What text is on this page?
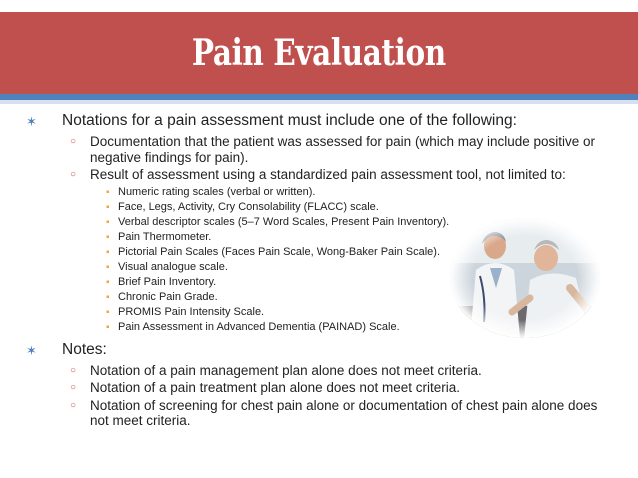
Pain Evaluation
✶ Notations for a pain assessment must include one of the following:
○ Documentation that the patient was assessed for pain (which may include positive or negative findings for pain).
○ Result of assessment using a standardized pain assessment tool, not limited to:
▪ Numeric rating scales (verbal or written).
▪ Face, Legs, Activity, Cry Consolability (FLACC) scale.
▪ Verbal descriptor scales (5–7 Word Scales, Present Pain Inventory).
▪ Pain Thermometer.
▪ Pictorial Pain Scales (Faces Pain Scale, Wong-Baker Pain Scale).
▪ Visual analogue scale.
▪ Brief Pain Inventory.
▪ Chronic Pain Grade.
▪ PROMIS Pain Intensity Scale.
▪ Pain Assessment in Advanced Dementia (PAINAD) Scale.
✶ Notes:
○ Notation of a pain management plan alone does not meet criteria.
○ Notation of a pain treatment plan alone does not meet criteria.
○ Notation of screening for chest pain alone or documentation of chest pain alone does not meet criteria.
